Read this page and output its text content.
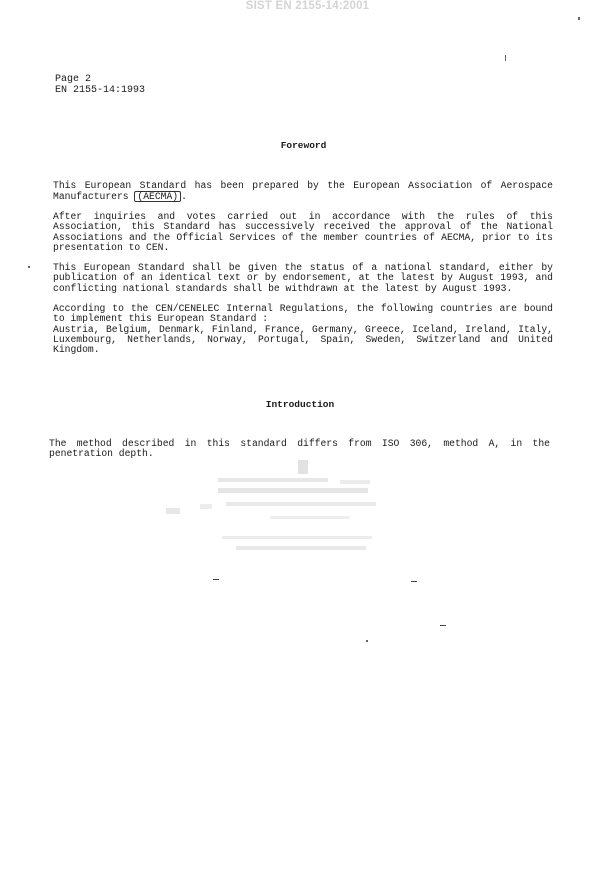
SIST EN 2155-14:2001
Page 2
EN 2155-14:1993
Foreword
This European Standard has been prepared by the European Association of Aerospace Manufacturers (AECMA) .
After inquiries and votes carried out in accordance with the rules of this Association, this Standard has successively received the approval of the National Associations and the Official Services of the member countries of AECMA, prior to its presentation to CEN.
This European Standard shall be given the status of a national standard, either by publication of an identical text or by endorsement, at the latest by August 1993, and conflicting national standards shall be withdrawn at the latest by August 1993.
According to the CEN/CENELEC Internal Regulations, the following countries are bound to implement this European Standard :
Austria, Belgium, Denmark, Finland, France, Germany, Greece, Iceland, Ireland, Italy, Luxembourg, Netherlands, Norway, Portugal, Spain, Sweden, Switzerland and United Kingdom.
Introduction
The method described in this standard differs from ISO 306, method A, in the penetration depth.
